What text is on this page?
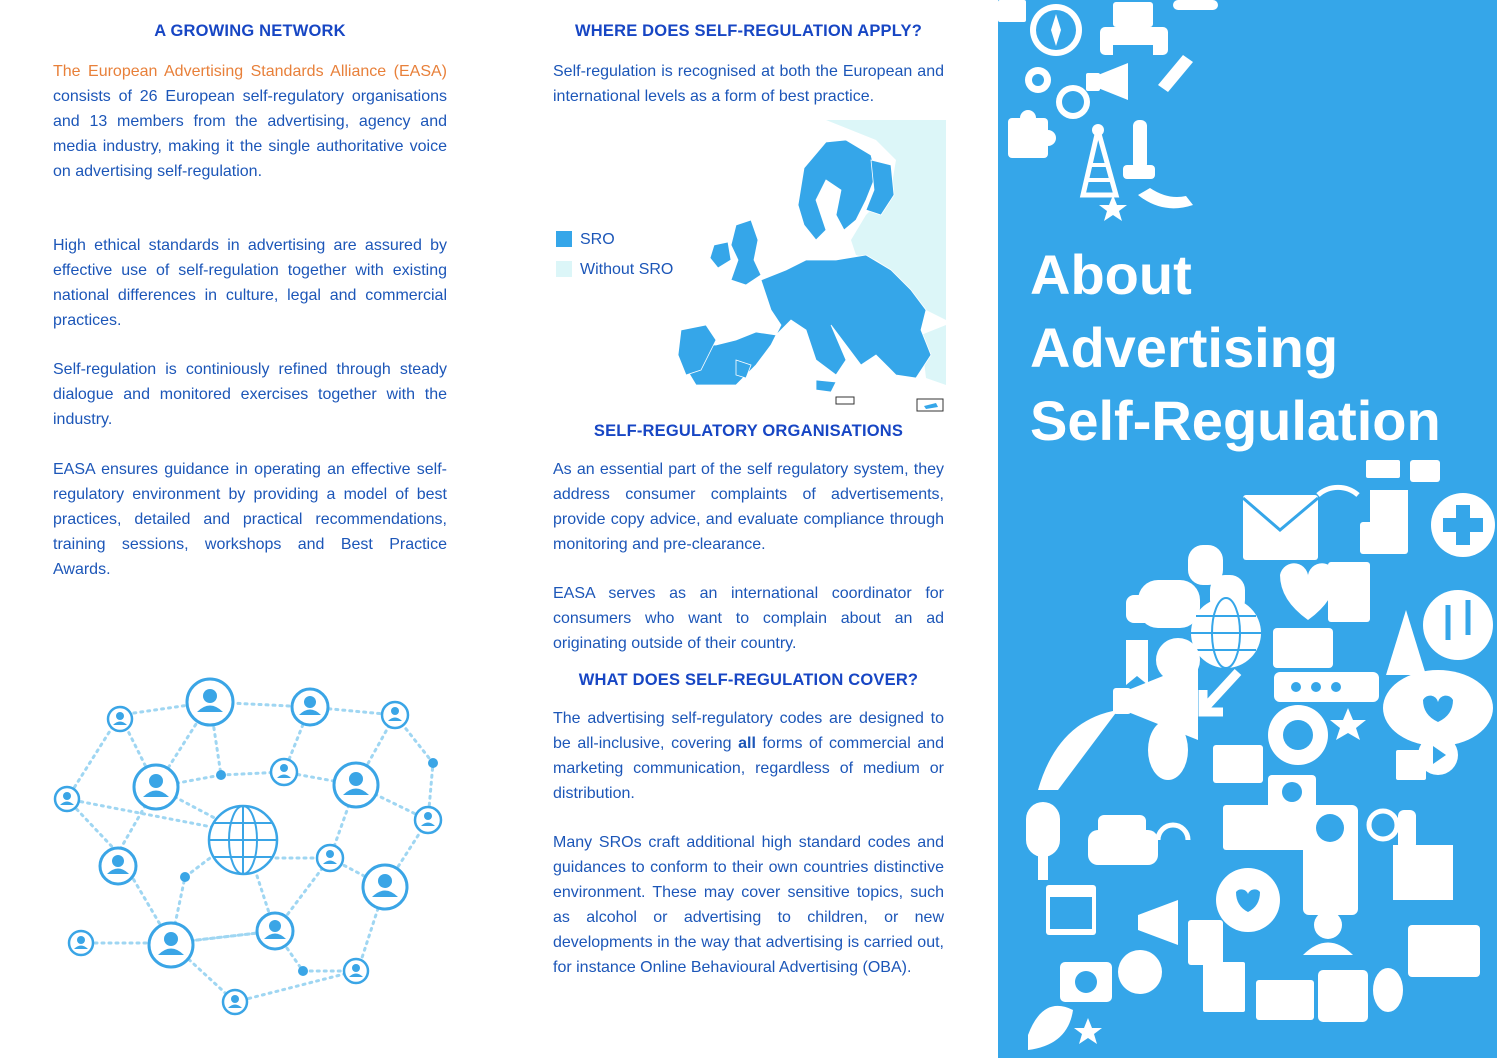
A GROWING NETWORK

The European Advertising Standards Alliance (EASA) consists of 26 European self-regulatory organisations and 13 members from the advertising, agency and media industry, making it the single authoritative voice on advertising self-regulation.

High ethical standards in advertising are assured by effective use of self-regulation together with existing national differences in culture, legal and commercial practices.

Self-regulation is continiously refined through steady dialogue and monitored exercises together with the industry.

EASA ensures guidance in operating an effective self-regulatory environment by providing a model of best practices, detailed and practical recommendations, training sessions, workshops and Best Practice Awards.

WHERE DOES SELF-REGULATION APPLY?

Self-regulation is recognised at both the European and international levels as a form of best practice.

SELF-REGULATORY ORGANISATIONS

As an essential part of the self regulatory system, they address consumer complaints of advertisements, provide copy advice, and evaluate compliance through monitoring and pre-clearance.

EASA serves as an international coordinator for consumers who want to complain about an ad originating outside of their country.

WHAT DOES SELF-REGULATION COVER?

The advertising self-regulatory codes are designed to be all-inclusive, covering all forms of commercial and marketing communication, regardless of medium or distribution.

Many SROs craft additional high standard codes and guidances to conform to their own countries distinctive environment. These may cover sensitive topics, such as alcohol or advertising to children, or new developments in the way that advertising is carried out, for instance Online Behavioural Advertising (OBA).

SRO
Without SRO	About
Advertising
Self-Regulation
